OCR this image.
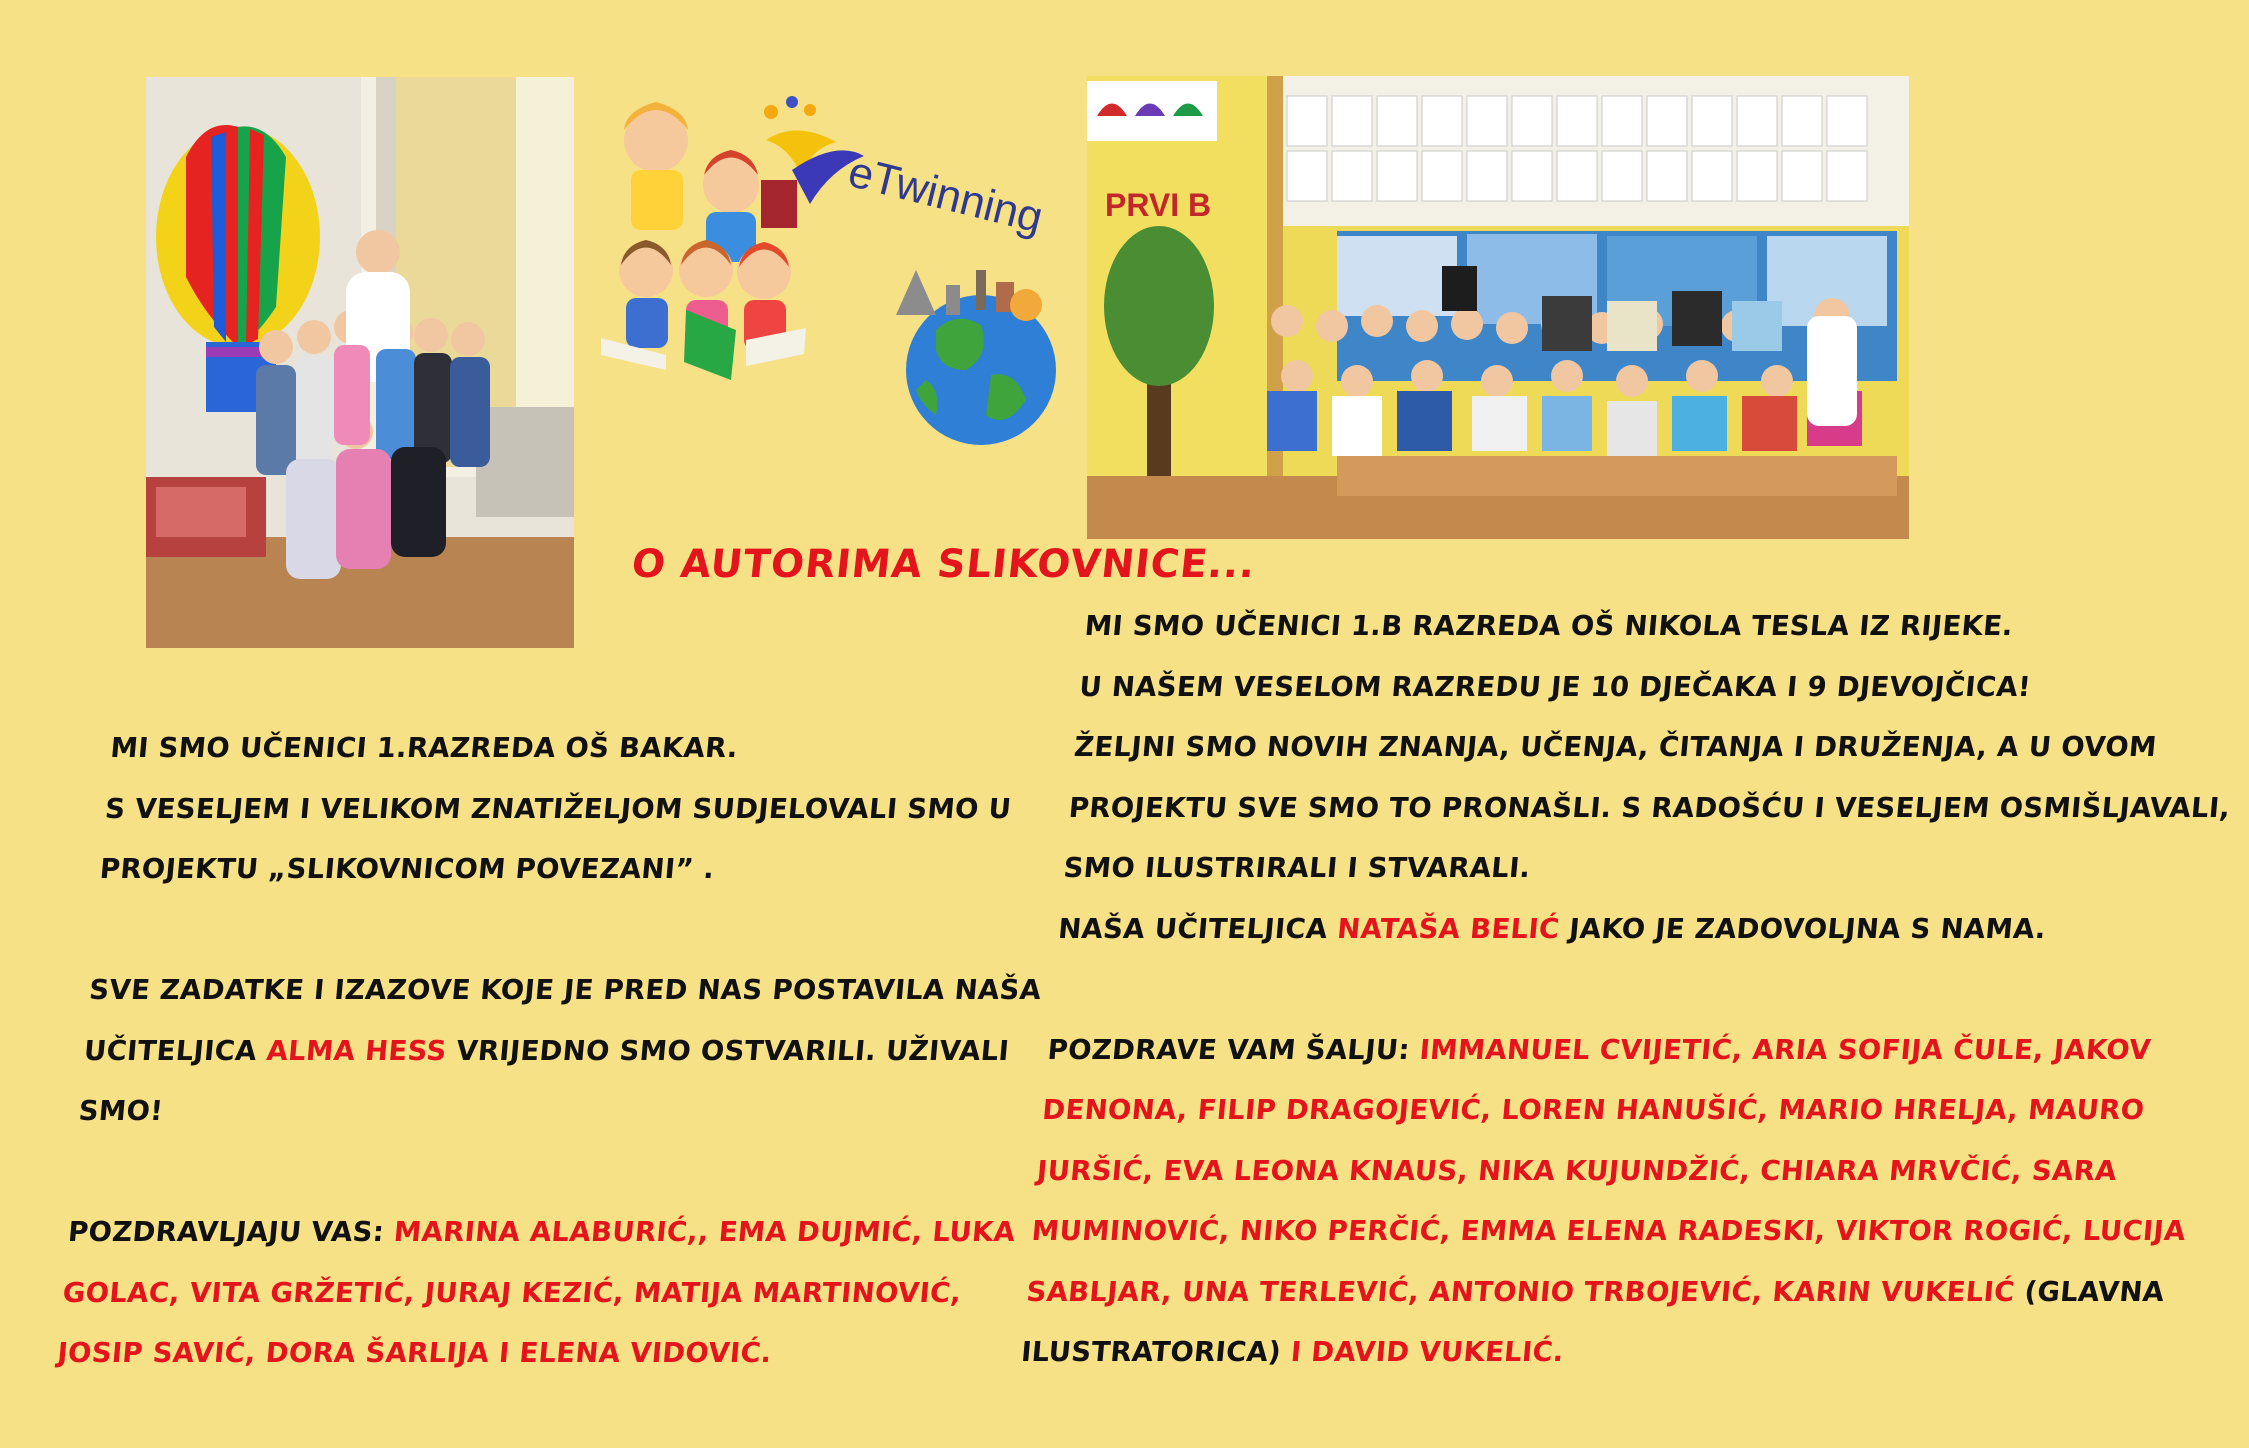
eTwinning PRVI B
O AUTORIMA SLIKOVNICE...
MI SMO UČENICI 1.RAZREDA OŠ BAKAR.
S VESELJEM I VELIKOM ZNATIŽELJOM SUDJELOVALI SMO U
PROJEKTU „SLIKOVNICOM POVEZANI” .
SVE ZADATKE I IZAZOVE KOJE JE PRED NAS POSTAVILA NAŠA
UČITELJICA ALMA HESS VRIJEDNO SMO OSTVARILI. UŽIVALI
SMO!
POZDRAVLJAJU VAS: MARINA ALABURIĆ,, EMA DUJMIĆ, LUKA
GOLAC, VITA GRŽETIĆ, JURAJ KEZIĆ, MATIJA MARTINOVIĆ,
JOSIP SAVIĆ, DORA ŠARLIJA I ELENA VIDOVIĆ.
MI SMO UČENICI 1.B RAZREDA OŠ NIKOLA TESLA IZ RIJEKE.
U NAŠEM VESELOM RAZREDU JE 10 DJEČAKA I 9 DJEVOJČICA!
ŽELJNI SMO NOVIH ZNANJA, UČENJA, ČITANJA I DRUŽENJA, A U OVOM
PROJEKTU SVE SMO TO PRONAŠLI. S RADOŠĆU I VESELJEM OSMIŠLJAVALI,
SMO ILUSTRIRALI I STVARALI.
NAŠA UČITELJICA NATAŠA BELIĆ JAKO JE ZADOVOLJNA S NAMA.
POZDRAVE VAM ŠALJU: IMMANUEL CVIJETIĆ, ARIA SOFIJA ČULE, JAKOV
DENONA, FILIP DRAGOJEVIĆ, LOREN HANUŠIĆ, MARIO HRELJA, MAURO
JURŠIĆ, EVA LEONA KNAUS, NIKA KUJUNDŽIĆ, CHIARA MRVČIĆ, SARA
MUMINOVIĆ, NIKO PERČIĆ, EMMA ELENA RADESKI, VIKTOR ROGIĆ, LUCIJA
SABLJAR, UNA TERLEVIĆ, ANTONIO TRBOJEVIĆ, KARIN VUKELIĆ (GLAVNA
ILUSTRATORICA) I DAVID VUKELIĆ.
